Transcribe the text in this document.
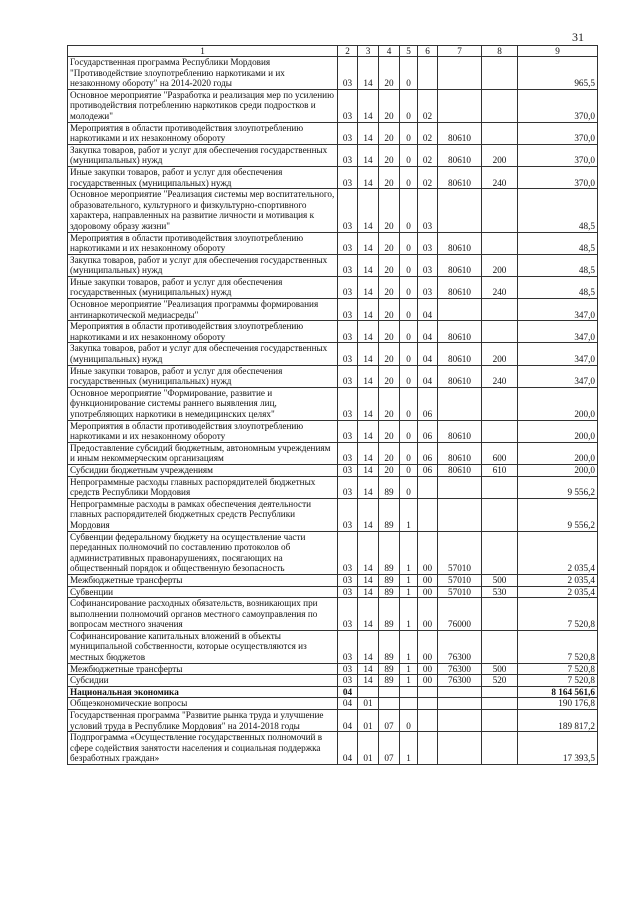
31
1	2	3	4	5	6	7	8	9
Государственная программа Республики Мордовия "Противодействие злоупотреблению наркотиками и их незаконному обороту" на 2014-2020 годы	03	14	20	0				965,5
Основное мероприятие "Разработка и реализация мер по усилению противодействия потреблению наркотиков среди подростков и молодежи"	03	14	20	0	02			370,0
Мероприятия в области противодействия злоупотреблению наркотиками и их незаконному обороту	03	14	20	0	02	80610		370,0
Закупка товаров, работ и услуг для обеспечения государственных (муниципальных) нужд	03	14	20	0	02	80610	200	370,0
Иные закупки товаров, работ и услуг для обеспечения государственных (муниципальных) нужд	03	14	20	0	02	80610	240	370,0
Основное мероприятие "Реализация системы мер воспитательного, образовательного, культурного и физкультурно-спортивного характера, направленных на развитие личности и мотивация к здоровому образу жизни"	03	14	20	0	03			48,5
Мероприятия в области противодействия злоупотреблению наркотиками и их незаконному обороту	03	14	20	0	03	80610		48,5
Закупка товаров, работ и услуг для обеспечения государственных (муниципальных) нужд	03	14	20	0	03	80610	200	48,5
Иные закупки товаров, работ и услуг для обеспечения государственных (муниципальных) нужд	03	14	20	0	03	80610	240	48,5
Основное мероприятие "Реализация программы формирования антинаркотической медиасреды"	03	14	20	0	04			347,0
Мероприятия в области противодействия злоупотреблению наркотиками и их незаконному обороту	03	14	20	0	04	80610		347,0
Закупка товаров, работ и услуг для обеспечения государственных (муниципальных) нужд	03	14	20	0	04	80610	200	347,0
Иные закупки товаров, работ и услуг для обеспечения государственных (муниципальных) нужд	03	14	20	0	04	80610	240	347,0
Основное мероприятие "Формирование, развитие и функционирование системы раннего выявления лиц, употребляющих наркотики в немедицинских целях"	03	14	20	0	06			200,0
Мероприятия в области противодействия злоупотреблению наркотиками и их незаконному обороту	03	14	20	0	06	80610		200,0
Предоставление субсидий бюджетным, автономным учреждениям и иным некоммерческим организациям	03	14	20	0	06	80610	600	200,0
Субсидии бюджетным учреждениям	03	14	20	0	06	80610	610	200,0
Непрограммные расходы главных распорядителей бюджетных средств Республики Мордовия	03	14	89	0				9 556,2
Непрограммные расходы в рамках обеспечения деятельности главных распорядителей бюджетных средств Республики Мордовия	03	14	89	1				9 556,2
Субвенции федеральному бюджету на осуществление части переданных полномочий по составлению протоколов об административных правонарушениях, посягающих на общественный порядок и общественную безопасность	03	14	89	1	00	57010		2 035,4
Межбюджетные трансферты	03	14	89	1	00	57010	500	2 035,4
Субвенции	03	14	89	1	00	57010	530	2 035,4
Софинансирование расходных обязательств, возникающих при выполнении полномочий органов местного самоуправления по вопросам местного значения	03	14	89	1	00	76000		7 520,8
Софинансирование капитальных вложений в объекты муниципальной собственности, которые осуществляются из местных бюджетов	03	14	89	1	00	76300		7 520,8
Межбюджетные трансферты	03	14	89	1	00	76300	500	7 520,8
Субсидии	03	14	89	1	00	76300	520	7 520,8
Национальная экономика	04							8 164 561,6
Общеэкономические вопросы	04	01						190 176,8
Государственная программа "Развитие рынка труда и улучшение условий труда в Республике Мордовия" на 2014-2018 годы	04	01	07	0				189 817,2
Подпрограмма «Осуществление государственных полномочий в сфере содействия занятости населения и социальная поддержка безработных граждан»	04	01	07	1				17 393,5
